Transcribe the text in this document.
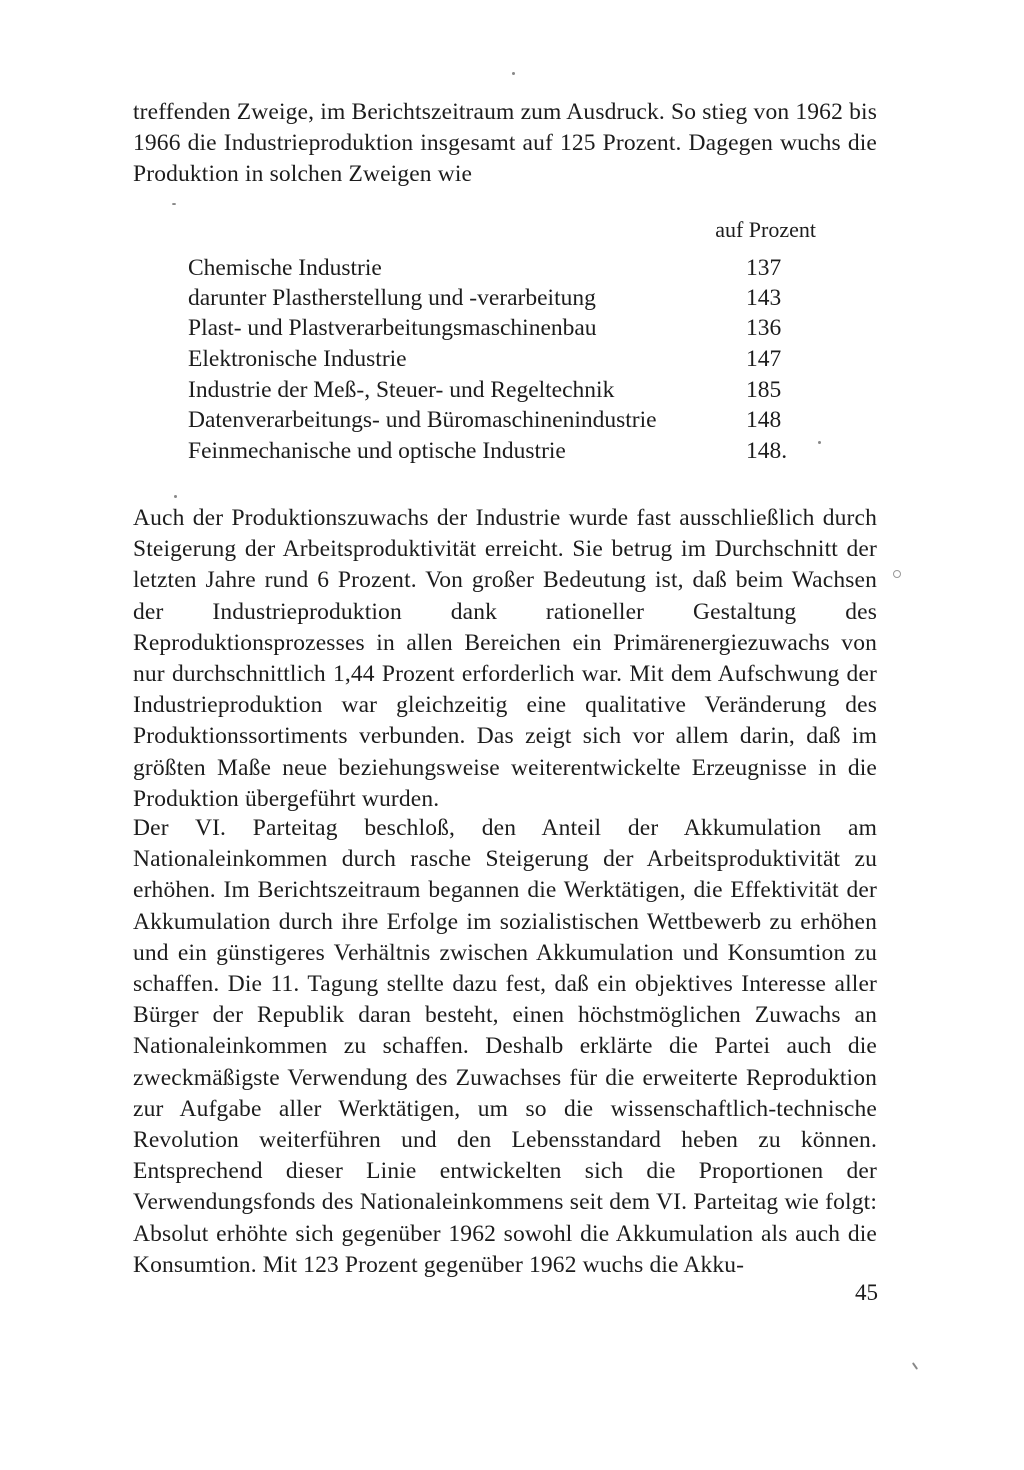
treffenden Zweige, im Berichtszeitraum zum Ausdruck. So stieg von 1962 bis 1966 die Industrieproduktion insgesamt auf 125 Prozent. Dagegen wuchs die Produktion in solchen Zweigen wie

auf Prozent
Chemische Industrie	137
darunter Plastherstellung und -verarbeitung	143
Plast- und Plastverarbeitungsmaschinenbau	136
Elektronische Industrie	147
Industrie der Meß-, Steuer- und Regeltechnik	185
Datenverarbeitungs- und Büromaschinenindustrie	148
Feinmechanische und optische Industrie	148.

Auch der Produktionszuwachs der Industrie wurde fast ausschließlich durch Steigerung der Arbeitsproduktivität erreicht. Sie betrug im Durchschnitt der letzten Jahre rund 6 Prozent. Von großer Bedeutung ist, daß beim Wachsen der Industrieproduktion dank rationeller Gestaltung des Reproduktionsprozesses in allen Bereichen ein Primärenergiezuwachs von nur durchschnittlich 1,44 Prozent erforderlich war. Mit dem Aufschwung der Industrieproduktion war gleichzeitig eine qualitative Veränderung des Produktionssortiments verbunden. Das zeigt sich vor allem darin, daß im größten Maße neue beziehungsweise weiterentwickelte Erzeugnisse in die Produktion übergeführt wurden.

Der VI. Parteitag beschloß, den Anteil der Akkumulation am Nationaleinkommen durch rasche Steigerung der Arbeitsproduktivität zu erhöhen. Im Berichtszeitraum begannen die Werktätigen, die Effektivität der Akkumulation durch ihre Erfolge im sozialistischen Wettbewerb zu erhöhen und ein günstigeres Verhältnis zwischen Akkumulation und Konsumtion zu schaffen. Die 11. Tagung stellte dazu fest, daß ein objektives Interesse aller Bürger der Republik daran besteht, einen höchstmöglichen Zuwachs an Nationaleinkommen zu schaffen. Deshalb erklärte die Partei auch die zweckmäßigste Verwendung des Zuwachses für die erweiterte Reproduktion zur Aufgabe aller Werktätigen, um so die wissenschaftlich-technische Revolution weiterführen und den Lebensstandard heben zu können. Entsprechend dieser Linie entwickelten sich die Proportionen der Verwendungsfonds des Nationaleinkommens seit dem VI. Parteitag wie folgt: Absolut erhöhte sich gegenüber 1962 sowohl die Akkumulation als auch die Konsumtion. Mit 123 Prozent gegenüber 1962 wuchs die Akku-

45
